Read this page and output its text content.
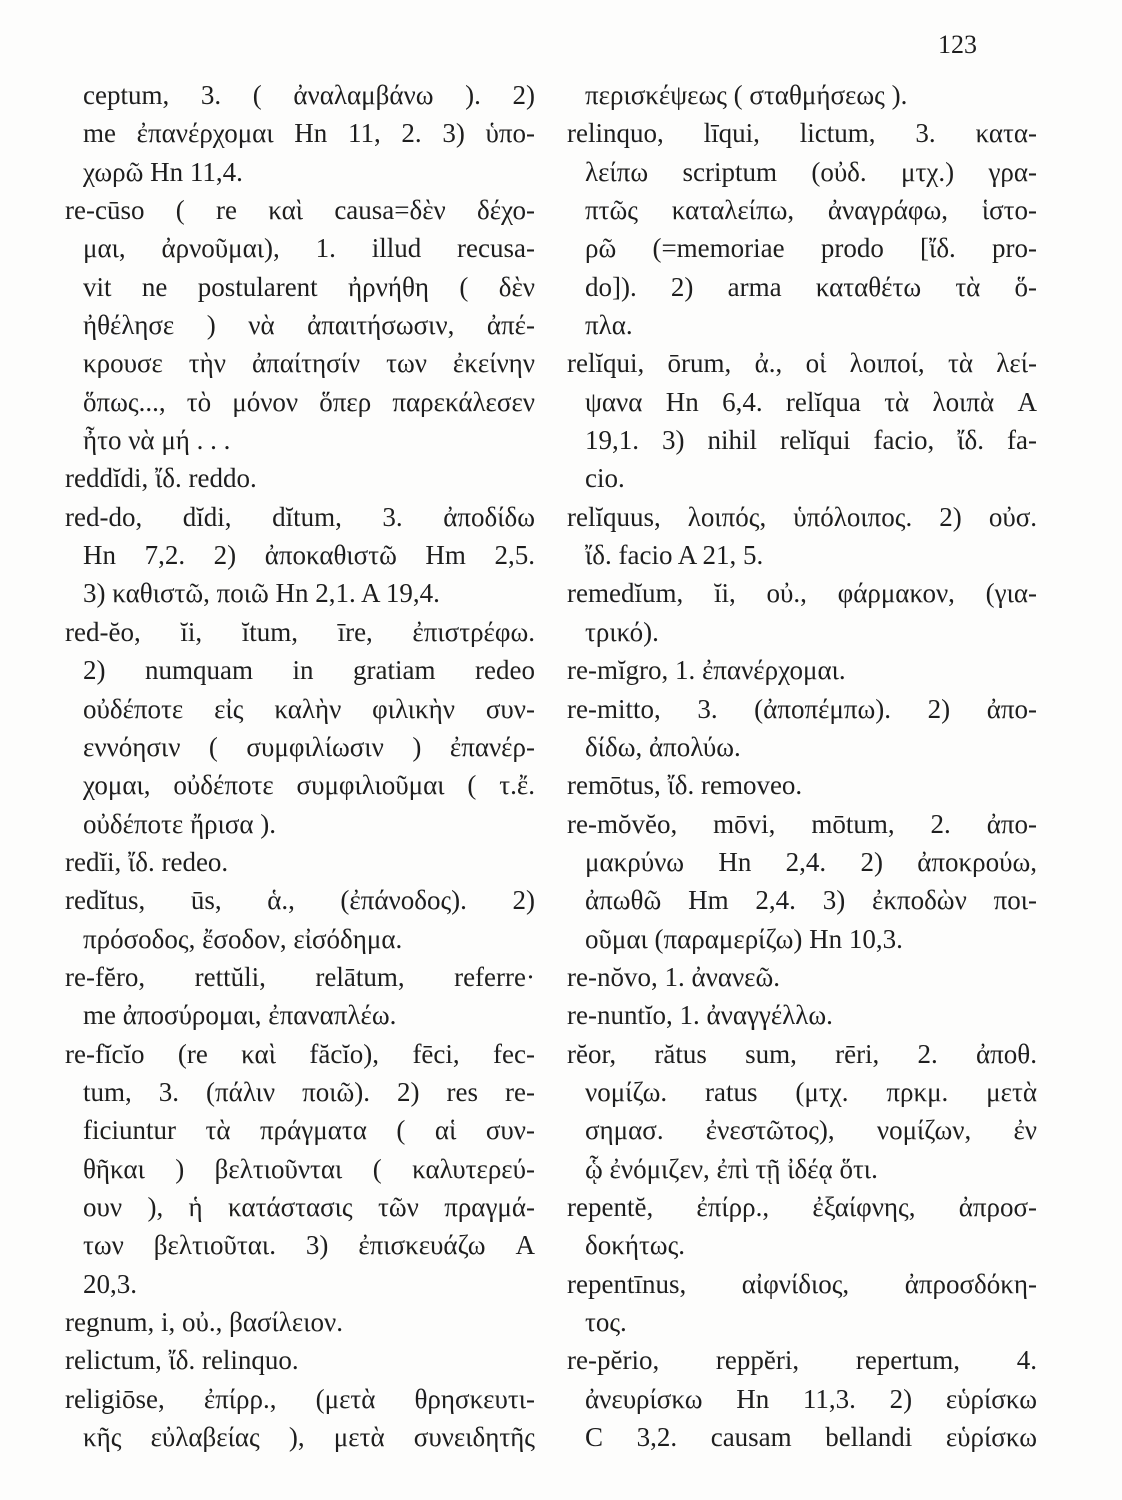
123
ceptum, 3. ( ἀναλαμβάνω ). 2)
me ἐπανέρχομαι Hn 11, 2. 3) ὑπο-
χωρῶ Hn 11,4.
re-cūso ( re καὶ causa=δὲν δέχο-
μαι, ἀρνοῦμαι), 1. illud recusa-
vit ne postularent ἠρνήθη ( δὲν
ἠθέλησε ) νὰ ἀπαιτήσωσιν, ἀπέ-
κρουσε τὴν ἀπαίτησίν των ἐκείνην
ὅπως..., τὸ μόνον ὅπερ παρεκάλεσεν
ἦτο νὰ μή . . .
reddĭdi, ἴδ. reddo.
red-do, dĭdi, dĭtum, 3. ἀποδίδω
Hn 7,2. 2) ἀποκαθιστῶ Hm 2,5.
3) καθιστῶ, ποιῶ Hn 2,1. A 19,4.
red-ĕo, ĭi, ĭtum, īre, ἐπιστρέφω.
2) numquam in gratiam redeo
οὐδέποτε εἰς καλὴν φιλικὴν συν-
εννόησιν ( συμφιλίωσιν ) ἐπανέρ-
χομαι, οὐδέποτε συμφιλιοῦμαι ( τ.ἔ.
οὐδέποτε ἤρισα ).
redĭi, ἴδ. redeo.
redĭtus, ūs, ἁ., (ἐπάνοδος). 2)
πρόσοδος, ἔσοδον, εἰσόδημα.
re-fĕro, rettŭli, relātum, referre·
me ἀποσύρομαι, ἐπαναπλέω.
re-fĭcĭo (re καὶ făcĭo), fēci, fec-
tum, 3. (πάλιν ποιῶ). 2) res re-
ficiuntur τὰ πράγματα ( αἱ συν-
θῆκαι ) βελτιοῦνται ( καλυτερεύ-
ουν ), ἡ κατάστασις τῶν πραγμά-
των βελτιοῦται. 3) ἐπισκευάζω A
20,3.
regnum, i, οὐ., βασίλειον.
relictum, ἴδ. relinquo.
religiōse, ἐπίρρ., (μετὰ θρησκευτι-
κῆς εὐλαβείας ), μετὰ συνειδητῆς
περισκέψεως ( σταθμήσεως ).
relinquo, līqui, lictum, 3. κατα-
λείπω scriptum (οὐδ. μτχ.) γρα-
πτῶς καταλείπω, ἀναγράφω, ἱστο-
ρῶ (=memoriae prodo [ἴδ. pro-
do]). 2) arma καταθέτω τὰ ὅ-
πλα.
relĭqui, ōrum, ἀ., οἱ λοιποί, τὰ λεί-
ψανα Hn 6,4. relĭqua τὰ λοιπὰ A
19,1. 3) nihil relĭqui facio, ἴδ. fa-
cio.
relĭquus, λοιπός, ὑπόλοιπος. 2) οὐσ.
ἴδ. facio A 21, 5.
remedĭum, ĭi, οὐ., φάρμακον, (για-
τρικό).
re-mĭgro, 1. ἐπανέρχομαι.
re-mitto, 3. (ἀποπέμπω). 2) ἀπο-
δίδω, ἀπολύω.
remōtus, ἴδ. removeo.
re-mŏvĕo, mōvi, mōtum, 2. ἀπο-
μακρύνω Hn 2,4. 2) ἀποκρούω,
ἀπωθῶ Hm 2,4. 3) ἐκποδὼν ποι-
οῦμαι (παραμερίζω) Hn 10,3.
re-nŏvo, 1. ἀνανεῶ.
re-nuntĭo, 1. ἀναγγέλλω.
rĕor, rătus sum, rēri, 2. ἀποθ.
νομίζω. ratus (μτχ. πρκμ. μετὰ
σημασ. ἐνεστῶτος), νομίζων, ἐν
ᾧ ἐνόμιζεν, ἐπὶ τῇ ἰδέᾳ ὅτι.
repentĕ, ἐπίρρ., ἐξαίφνης, ἀπροσ-
δοκήτως.
repentīnus, αἰφνίδιος, ἀπροσδόκη-
τος.
re-pĕrio, reppĕri, repertum, 4.
ἀνευρίσκω Hn 11,3. 2) εὑρίσκω
C 3,2. causam bellandi εὑρίσκω
